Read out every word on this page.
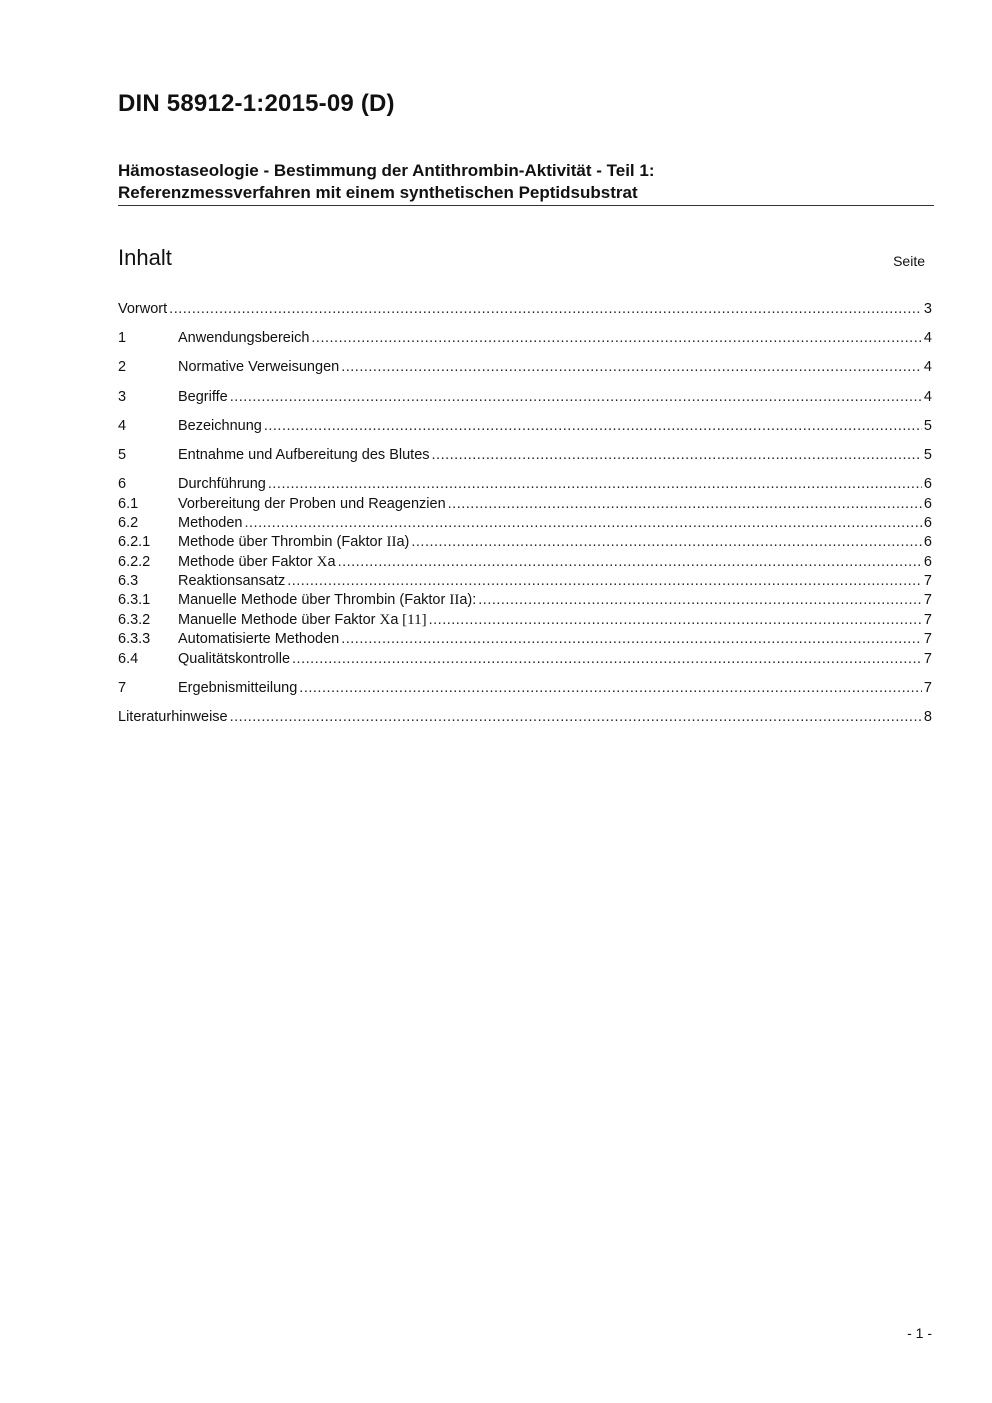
DIN 58912-1:2015-09 (D)
Hämostaseologie - Bestimmung der Antithrombin-Aktivität - Teil 1:
Referenzmessverfahren mit einem synthetischen Peptidsubstrat
Inhalt	Seite
Vorwort .....	3
1	Anwendungsbereich .....	4
2	Normative Verweisungen .....	4
3	Begriffe .....	4
4	Bezeichnung .....	5
5	Entnahme und Aufbereitung des Blutes .....	5
6	Durchführung .....	6
6.1	Vorbereitung der Proben und Reagenzien .....	6
6.2	Methoden .....	6
6.2.1	Methode über Thrombin (Faktor IIa) .....	6
6.2.2	Methode über Faktor Xa .....	6
6.3	Reaktionsansatz .....	7
6.3.1	Manuelle Methode über Thrombin (Faktor IIa): .....	7
6.3.2	Manuelle Methode über Faktor Xa [11] .....	7
6.3.3	Automatisierte Methoden .....	7
6.4	Qualitätskontrolle .....	7
7	Ergebnismitteilung .....	7
Literaturhinweise .....	8
- 1 -
